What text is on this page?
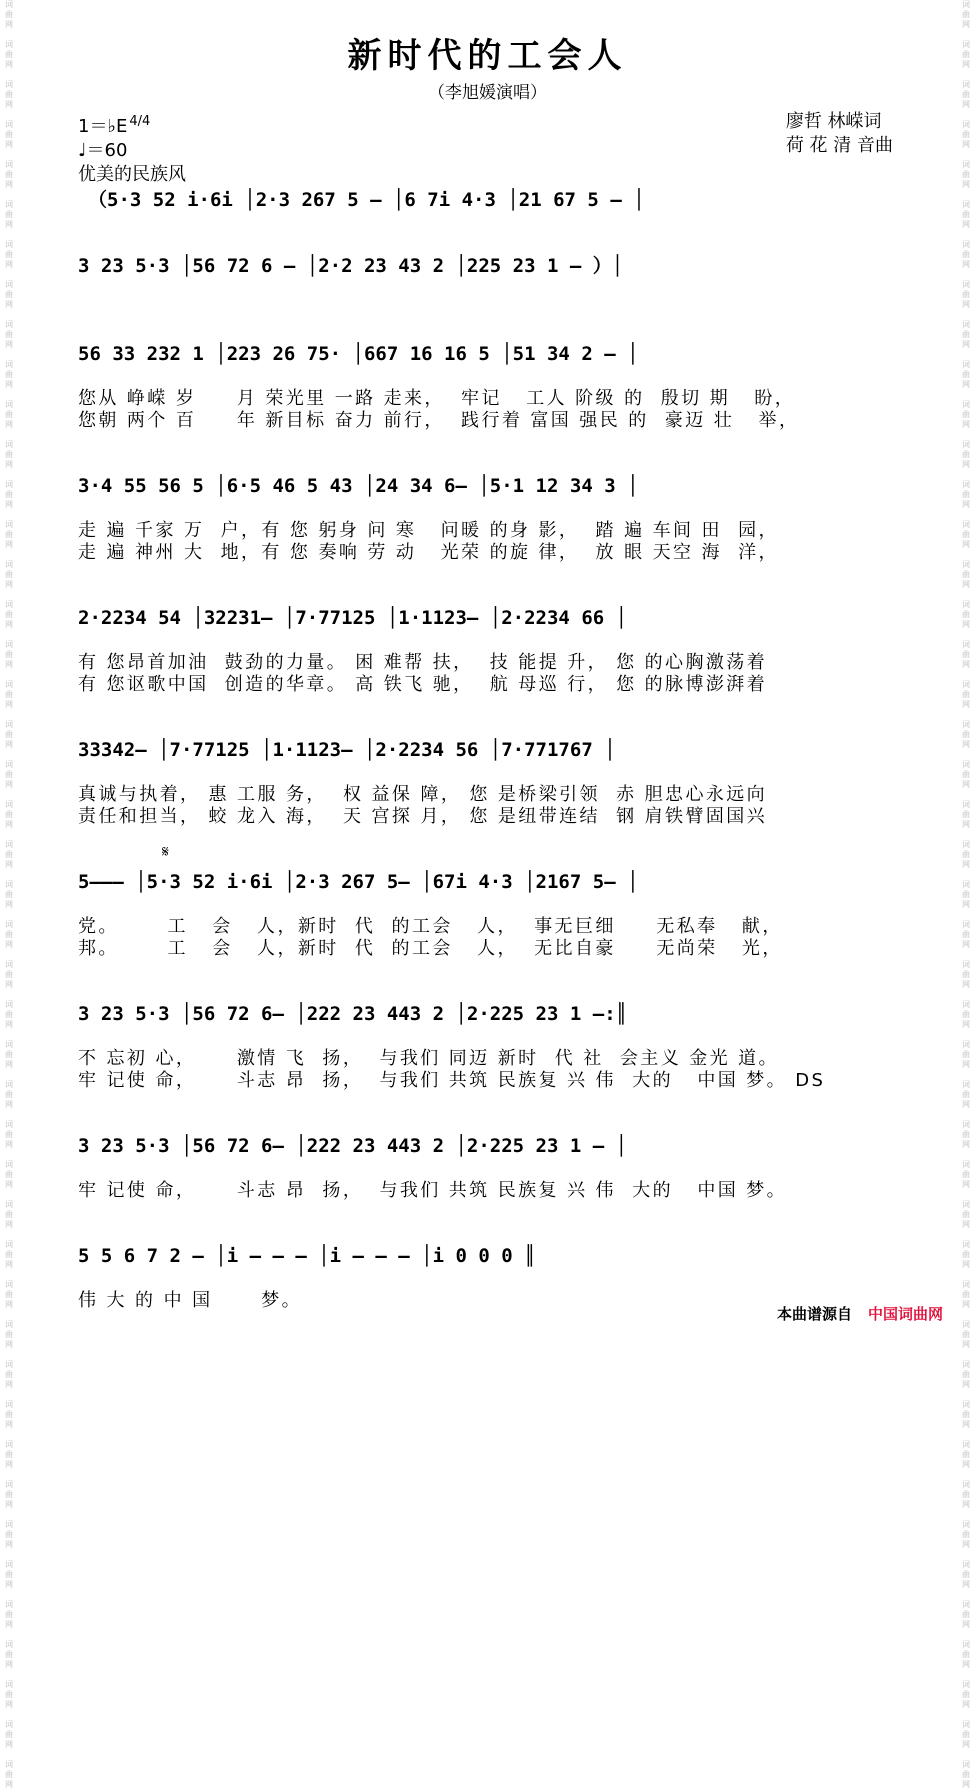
词
曲
网

词
曲
网

词
曲
网

词
曲
网

词
曲
网

词
曲
网

词
曲
网

词
曲
网

词
曲
网

词
曲
网

词
曲
网

词
曲
网

词
曲
网

词
曲
网

词
曲
网

词
曲
网

词
曲
网

词
曲
网

词
曲
网

词
曲
网

词
曲
网

词
曲
网

词
曲
网

词
曲
网

词
曲
网

词
曲
网

词
曲
网

词
曲
网

词
曲
网

词
曲
网

词
曲
网

词
曲
网

词
曲
网

词
曲
网

词
曲
网

词
曲
网

词
曲
网

词
曲
网

词
曲
网

词
曲
网

词
曲
网

词
曲
网

词
曲
网

词
曲
网

词
曲
网

词
曲
网

词
曲
网

词
曲
网

词
曲
网

词
曲
网

词
曲
网

词
曲
网

词
曲
网

词
曲
网

词
曲
网

词
曲
网

词
曲
网

词
曲
网

词
曲
网

词
曲
网

词
曲
网

词
曲
网

词
曲
网

词
曲
网

词
曲
网

词
曲
网

词
曲
网

词
曲
网

词
曲
网

词
曲
网

词
曲
网

词
曲
网

词
曲
网

词
曲
网

词
曲
网

词
曲
网

词
曲
网

词
曲
网

词
曲
网

词
曲
网

词
曲
网

词
曲
网

词
曲
网

词
曲
网

词
曲
网

词
曲
网

词
曲
网

词
曲
网

词
曲
网

词
曲
网

新时代的工会人
（李旭媛演唱）
1＝♭E $^{4/4}$
♩＝60
优美的民族风
廖哲 林嵘词
荷 花 清 音曲
（5·3 52 i·6i │2·3 267 5 — │6 7i 4·3 │21 67 5 — │
3 23 5·3 │56 72 6 — │2·2 23 43 2 │225 23 1 — ）│
56 33 232 1 │223 26 75· │667 16 16 5 │51 34 2 — │
您从 峥嵘 岁     月 荣光里 一路 走来，  牢记   工人 阶级 的  殷切 期   盼，
您朝 两个 百     年 新目标 奋力 前行，  践行着 富国 强民 的  豪迈 壮   举，
3·4 55 56 5 │6·5 46 5 43 │24 34 6— │5·1 12 34 3 │
走 遍 千家 万  户，有 您 躬身 问 寒   问暖 的身 影，  踏 遍 车间 田  园，
走 遍 神州 大  地，有 您 奏响 劳 动   光荣 的旋 律，  放 眼 天空 海  洋，
2·2234 54 │32231— │7·77125 │1·1123— │2·2234 66 │
有 您昂首加油  鼓劲的力量。 困 难帮 扶，  技 能提 升， 您 的心胸激荡着
有 您讴歌中国  创造的华章。 高 铁飞 驰，  航 母巡 行， 您 的脉博澎湃着
33342— │7·77125 │1·1123— │2·2234 56 │7·771767 │
真诚与执着， 惠 工服 务，  权 益保 障， 您 是桥梁引领  赤 胆忠心永远向
责任和担当， 蛟 龙入 海，  天 宫探 月， 您 是纽带连结  钢 肩铁臂固国兴
𝄋
5——— │5·3 52 i·6i │2·3 267 5— │67i 4·3 │2167 5— │
党。      工   会   人，新时  代  的工会   人，  事无巨细     无私奉   献，
邦。      工   会   人，新时  代  的工会   人，  无比自豪     无尚荣   光，
3 23 5·3 │56 72 6— │222 23 443 2 │2·225 23 1 —:║
不 忘初 心，     激情 飞  扬，  与我们 同迈 新时  代 社  会主义 金光 道。
牢 记使 命，     斗志 昂  扬，  与我们 共筑 民族复 兴 伟  大的   中国 梦。 DS
3 23 5·3 │56 72 6— │222 23 443 2 │2·225 23 1 — │
牢 记使 命，     斗志 昂  扬，  与我们 共筑 民族复 兴 伟  大的   中国 梦。
5 5 6 7 2 — │i — — — │i — — — │i 0 0 0 ║
伟 大 的 中 国      梦。
本曲谱源自 中国词曲网
